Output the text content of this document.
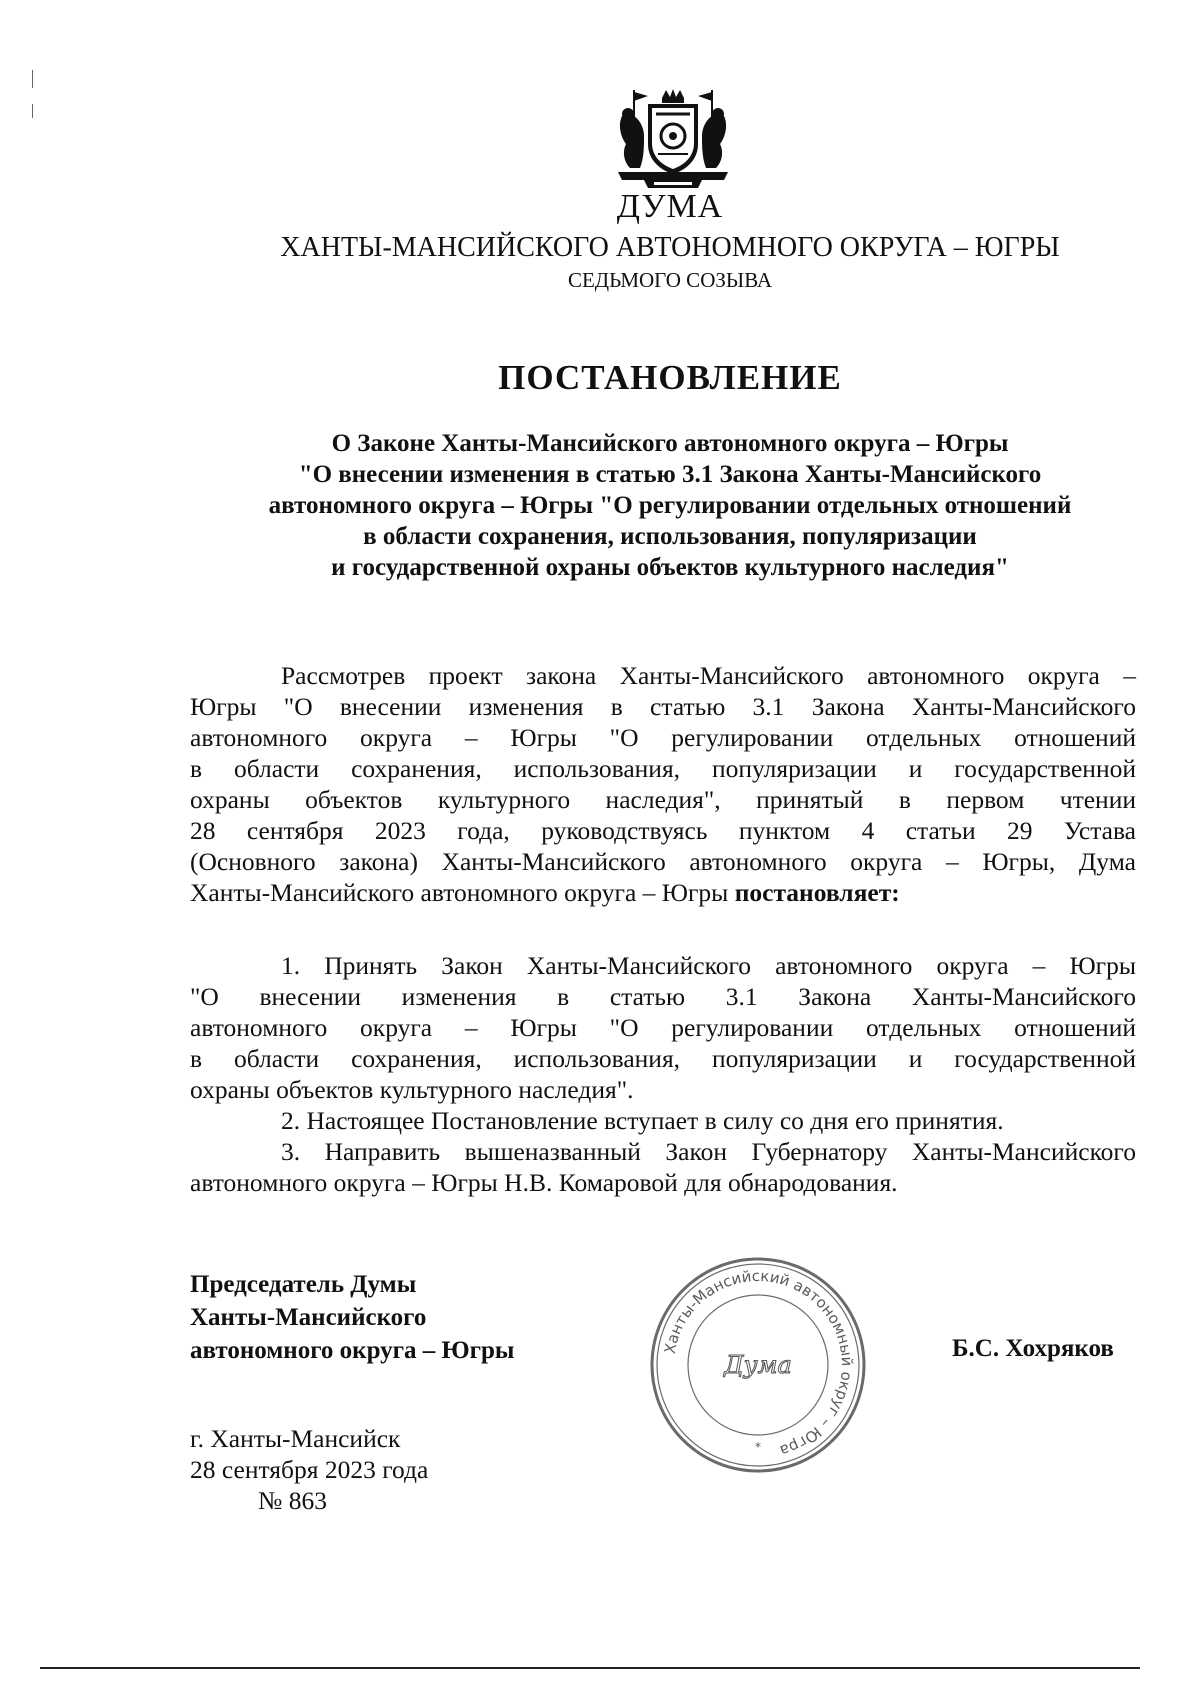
ДУМА
ХАНТЫ-МАНСИЙСКОГО АВТОНОМНОГО ОКРУГА – ЮГРЫ
СЕДЬМОГО СОЗЫВА
ПОСТАНОВЛЕНИЕ
О Законе Ханты-Мансийского автономного округа – Югры
"О внесении изменения в статью 3.1 Закона Ханты-Мансийского
автономного округа – Югры "О регулировании отдельных отношений
в области сохранения, использования, популяризации
и государственной охраны объектов культурного наследия"
Рассмотрев проект закона Ханты-Мансийского автономного округа –
Югры "О внесении изменения в статью 3.1 Закона Ханты-Мансийского
автономного округа – Югры "О регулировании отдельных отношений
в области сохранения, использования, популяризации и государственной
охраны объектов культурного наследия", принятый в первом чтении
28 сентября 2023 года, руководствуясь пунктом 4 статьи 29 Устава
(Основного закона) Ханты-Мансийского автономного округа – Югры, Дума
Ханты-Мансийского автономного округа – Югры постановляет:
1. Принять Закон Ханты-Мансийского автономного округа – Югры
"О внесении изменения в статью 3.1 Закона Ханты-Мансийского
автономного округа – Югры "О регулировании отдельных отношений
в области сохранения, использования, популяризации и государственной
охраны объектов культурного наследия".
2. Настоящее Постановление вступает в силу со дня его принятия.
3. Направить вышеназванный Закон Губернатору Ханты-Мансийского
автономного округа – Югры Н.В. Комаровой для обнародования.
Председатель Думы
Ханты-Мансийского
автономного округа – Югры	Б.С. Хохряков
Ханты-Мансийский автономный округ – Югра
Дума
*
г. Ханты-Мансийск
28 сентября 2023 года
№ 863
